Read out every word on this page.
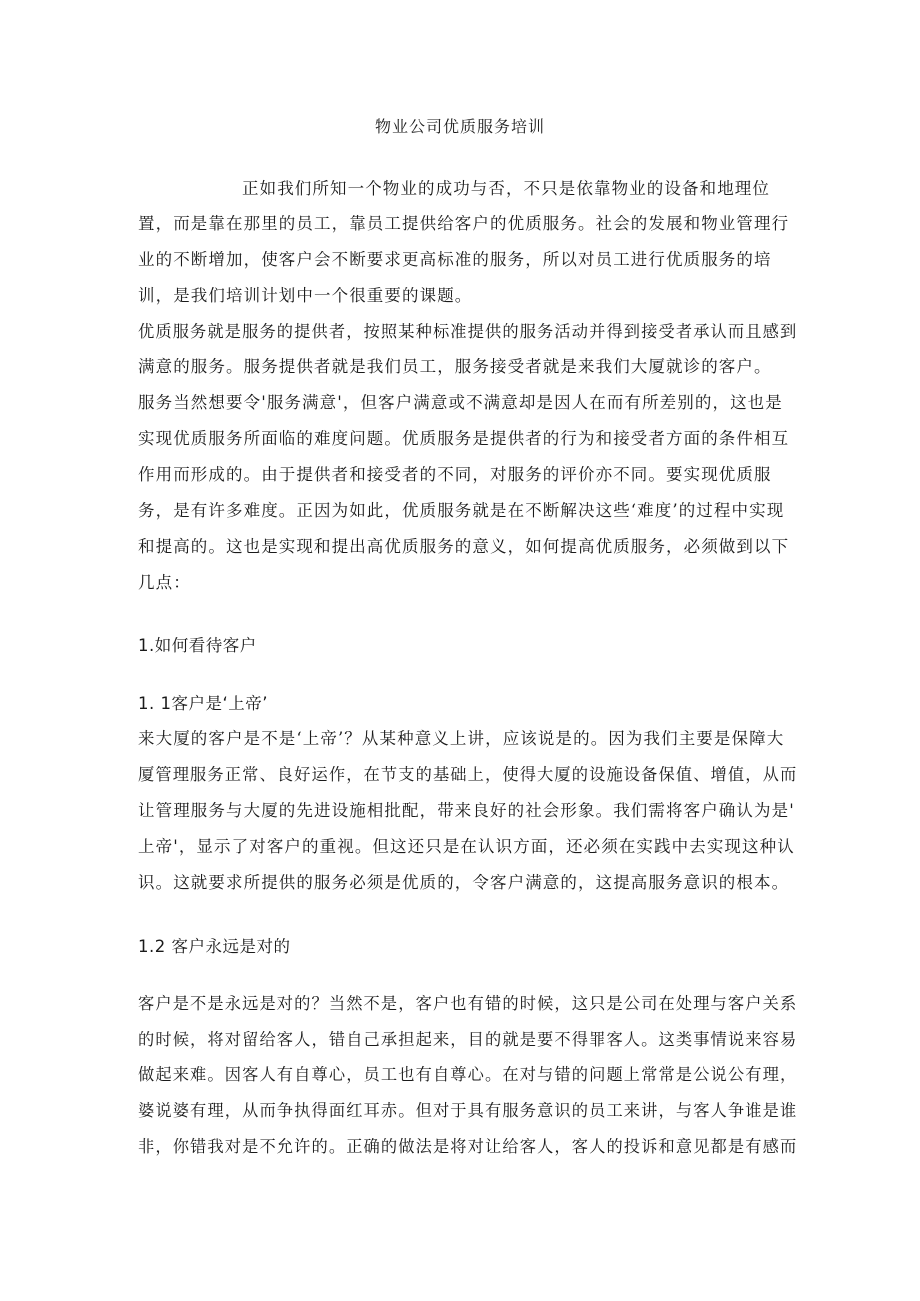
物业公司优质服务培训
正如我们所知一个物业的成功与否，不只是依靠物业的设备和地理位
置，而是靠在那里的员工，靠员工提供给客户的优质服务。社会的发展和物业管理行
业的不断增加，使客户会不断要求更高标准的服务，所以对员工进行优质服务的培
训，是我们培训计划中一个很重要的课题。
优质服务就是服务的提供者，按照某种标准提供的服务活动并得到接受者承认而且感到
满意的服务。服务提供者就是我们员工，服务接受者就是来我们大厦就诊的客户。
服务当然想要令'服务满意'，但客户满意或不满意却是因人在而有所差别的，这也是
实现优质服务所面临的难度问题。优质服务是提供者的行为和接受者方面的条件相互
作用而形成的。由于提供者和接受者的不同，对服务的评价亦不同。要实现优质服
务，是有许多难度。正因为如此，优质服务就是在不断解决这些‘难度’的过程中实现
和提高的。这也是实现和提出高优质服务的意义，如何提高优质服务，必须做到以下
几点：
1.如何看待客户
1. 1客户是‘上帝’
来大厦的客户是不是‘上帝’？从某种意义上讲，应该说是的。因为我们主要是保障大
厦管理服务正常、良好运作，在节支的基础上，使得大厦的设施设备保值、增值，从而
让管理服务与大厦的先进设施相批配，带来良好的社会形象。我们需将客户确认为是'
上帝'，显示了对客户的重视。但这还只是在认识方面，还必须在实践中去实现这种认
识。这就要求所提供的服务必须是优质的，令客户满意的，这提高服务意识的根本。
1.2 客户永远是对的
客户是不是永远是对的？当然不是，客户也有错的时候，这只是公司在处理与客户关系
的时候，将对留给客人，错自己承担起来，目的就是要不得罪客人。这类事情说来容易
做起来难。因客人有自尊心，员工也有自尊心。在对与错的问题上常常是公说公有理，
婆说婆有理，从而争执得面红耳赤。但对于具有服务意识的员工来讲，与客人争谁是谁
非，你错我对是不允许的。正确的做法是将对让给客人，客人的投诉和意见都是有感而
